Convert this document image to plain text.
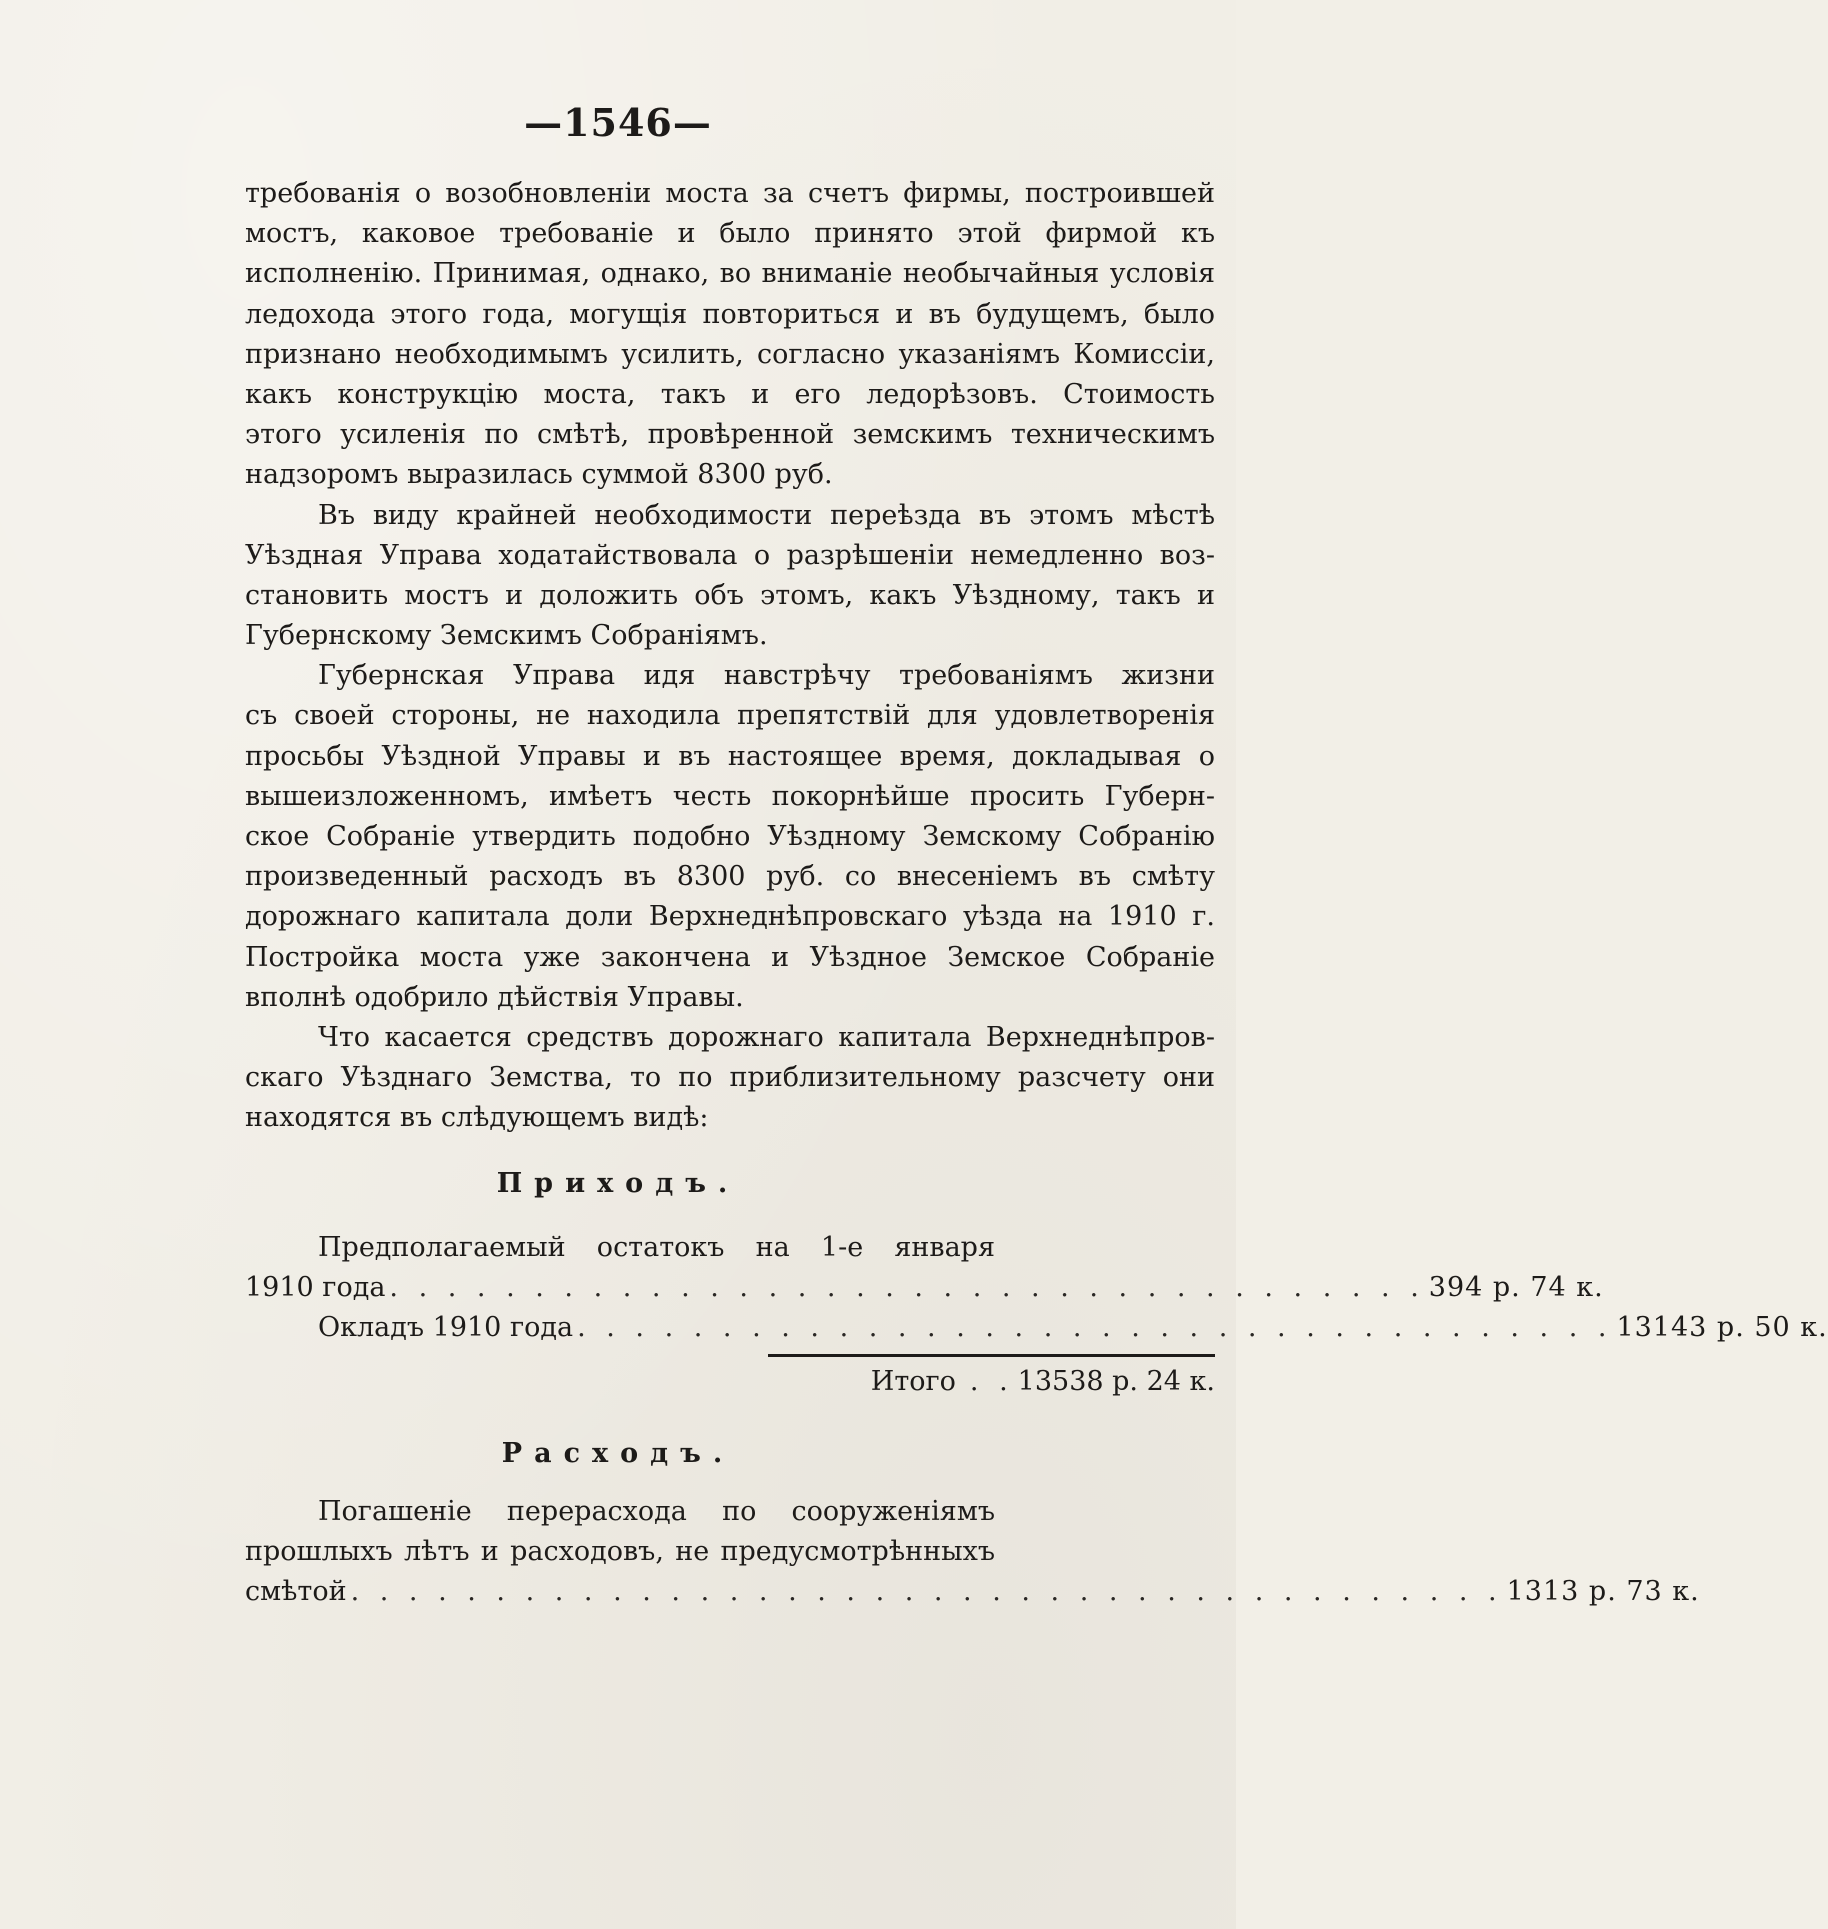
—1546—
требованія о возобновленіи моста за счетъ фирмы, построившей
мостъ, каковое требованіе и было принято этой фирмой къ
исполненію. Принимая, однако, во вниманіе необычайныя условія
ледохода этого года, могущія повториться и въ будущемъ, было
признано необходимымъ усилить, согласно указаніямъ Комиссіи,
какъ конструкцію моста, такъ и его ледорѣзовъ. Стоимость
этого усиленія по смѣтѣ, провѣренной земскимъ техническимъ
надзоромъ выразилась суммой 8300 руб.
Въ виду крайней необходимости переѣзда въ этомъ мѣстѣ
Уѣздная Управа ходатайствовала о разрѣшеніи немедленно воз-
становить мостъ и доложить объ этомъ, какъ Уѣздному, такъ и
Губернскому Земскимъ Собраніямъ.
Губернская Управа идя навстрѣчу требованіямъ жизни
съ своей стороны, не находила препятствій для удовлетворенія
просьбы Уѣздной Управы и въ настоящее время, докладывая о
вышеизложенномъ, имѣетъ честь покорнѣйше просить Губерн-
ское Собраніе утвердить подобно Уѣздному Земскому Собранію
произведенный расходъ въ 8300 руб. со внесеніемъ въ смѣту
дорожнаго капитала доли Верхнеднѣпровскаго уѣзда на 1910 г.
Постройка моста уже закончена и Уѣздное Земское Собраніе
вполнѣ одобрило дѣйствія Управы.
Что касается средствъ дорожнаго капитала Верхнеднѣпров-
скаго Уѣзднаго Земства, то по приблизительному разсчету они
находятся въ слѣдующемъ видѣ:
Приходъ.
Предполагаемый остатокъ на 1-е января
1910 года . . . . . . . . . . . . . . . . . . . . . . . . . . . . . . . . . . . . 394 р. 74 к.
Окладъ 1910 года . . . . . . . . . . . . . . . . . . . . . . . . . . . . . . . . . . . . 13143 р. 50 к.
Итого . . 13538 р. 24 к.
Расходъ.
Погашеніе перерасхода по сооруженіямъ
прошлыхъ лѣтъ и расходовъ, не предусмотрѣнныхъ
смѣтой . . . . . . . . . . . . . . . . . . . . . . . . . . . . . . . . . . . . . . . . 1313 р. 73 к.
